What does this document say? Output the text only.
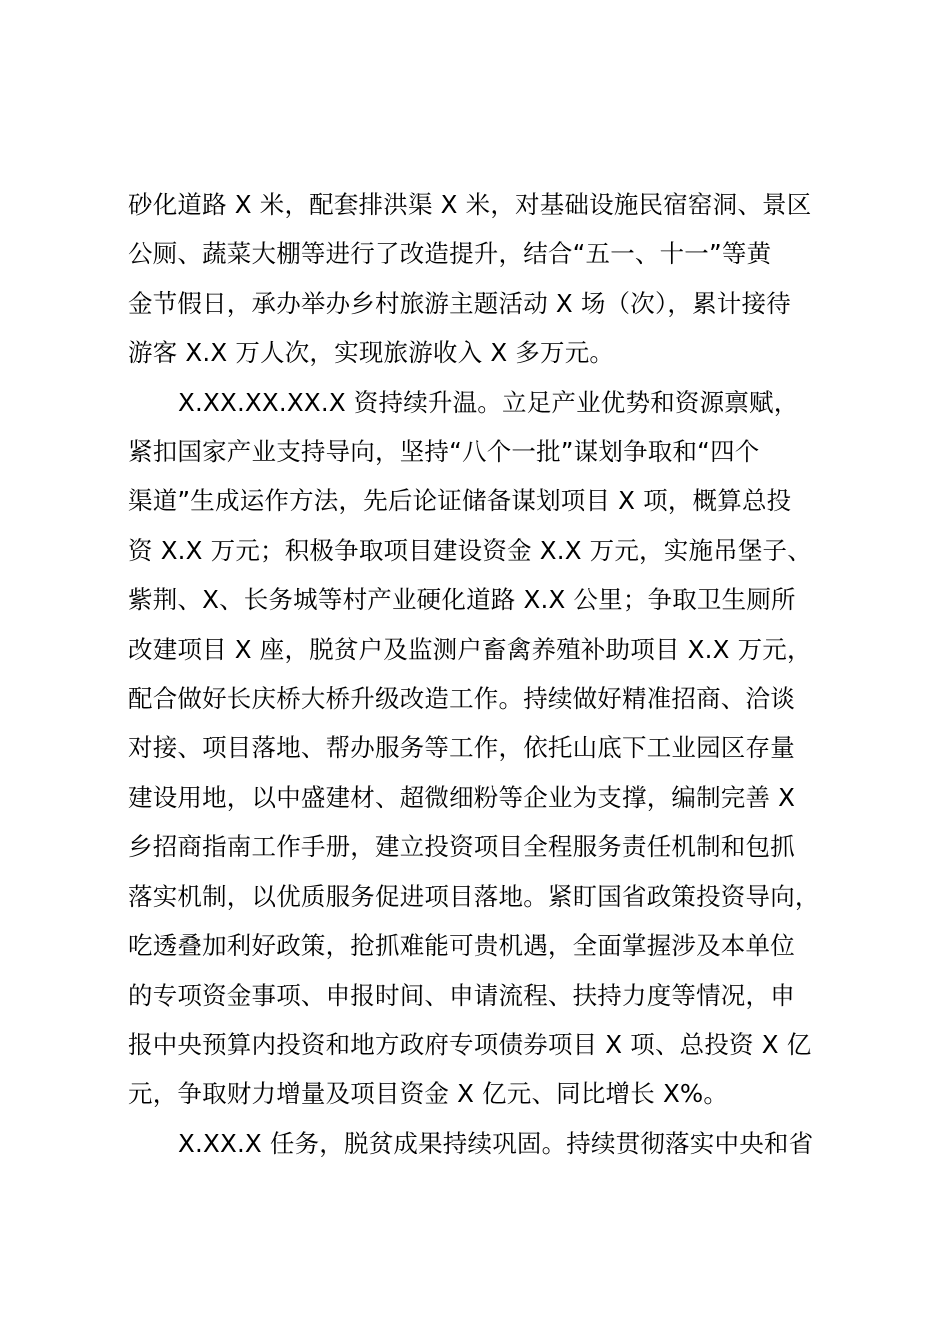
砂化道路 X 米，配套排洪渠 X 米，对基础设施民宿窑洞、景区
公厕、蔬菜大棚等进行了改造提升，结合“五一、十一”等黄
金节假日，承办举办乡村旅游主题活动 X 场（次），累计接待
游客 X.X 万人次，实现旅游收入 X 多万元。

X.XX.XX.XX.X 资持续升温。立足产业优势和资源禀赋，
紧扣国家产业支持导向，坚持“八个一批”谋划争取和“四个
渠道”生成运作方法，先后论证储备谋划项目 X 项，概算总投
资 X.X 万元；积极争取项目建设资金 X.X 万元，实施吊堡子、
紫荆、X、长务城等村产业硬化道路 X.X 公里；争取卫生厕所
改建项目 X 座，脱贫户及监测户畜禽养殖补助项目 X.X 万元，
配合做好长庆桥大桥升级改造工作。持续做好精准招商、洽谈
对接、项目落地、帮办服务等工作，依托山底下工业园区存量
建设用地，以中盛建材、超微细粉等企业为支撑，编制完善 X
乡招商指南工作手册，建立投资项目全程服务责任机制和包抓
落实机制，以优质服务促进项目落地。紧盯国省政策投资导向，
吃透叠加利好政策，抢抓难能可贵机遇，全面掌握涉及本单位
的专项资金事项、申报时间、申请流程、扶持力度等情况，申
报中央预算内投资和地方政府专项债券项目 X 项、总投资 X 亿
元，争取财力增量及项目资金 X 亿元、同比增长 X%。

X.XX.X 任务，脱贫成果持续巩固。持续贯彻落实中央和省
